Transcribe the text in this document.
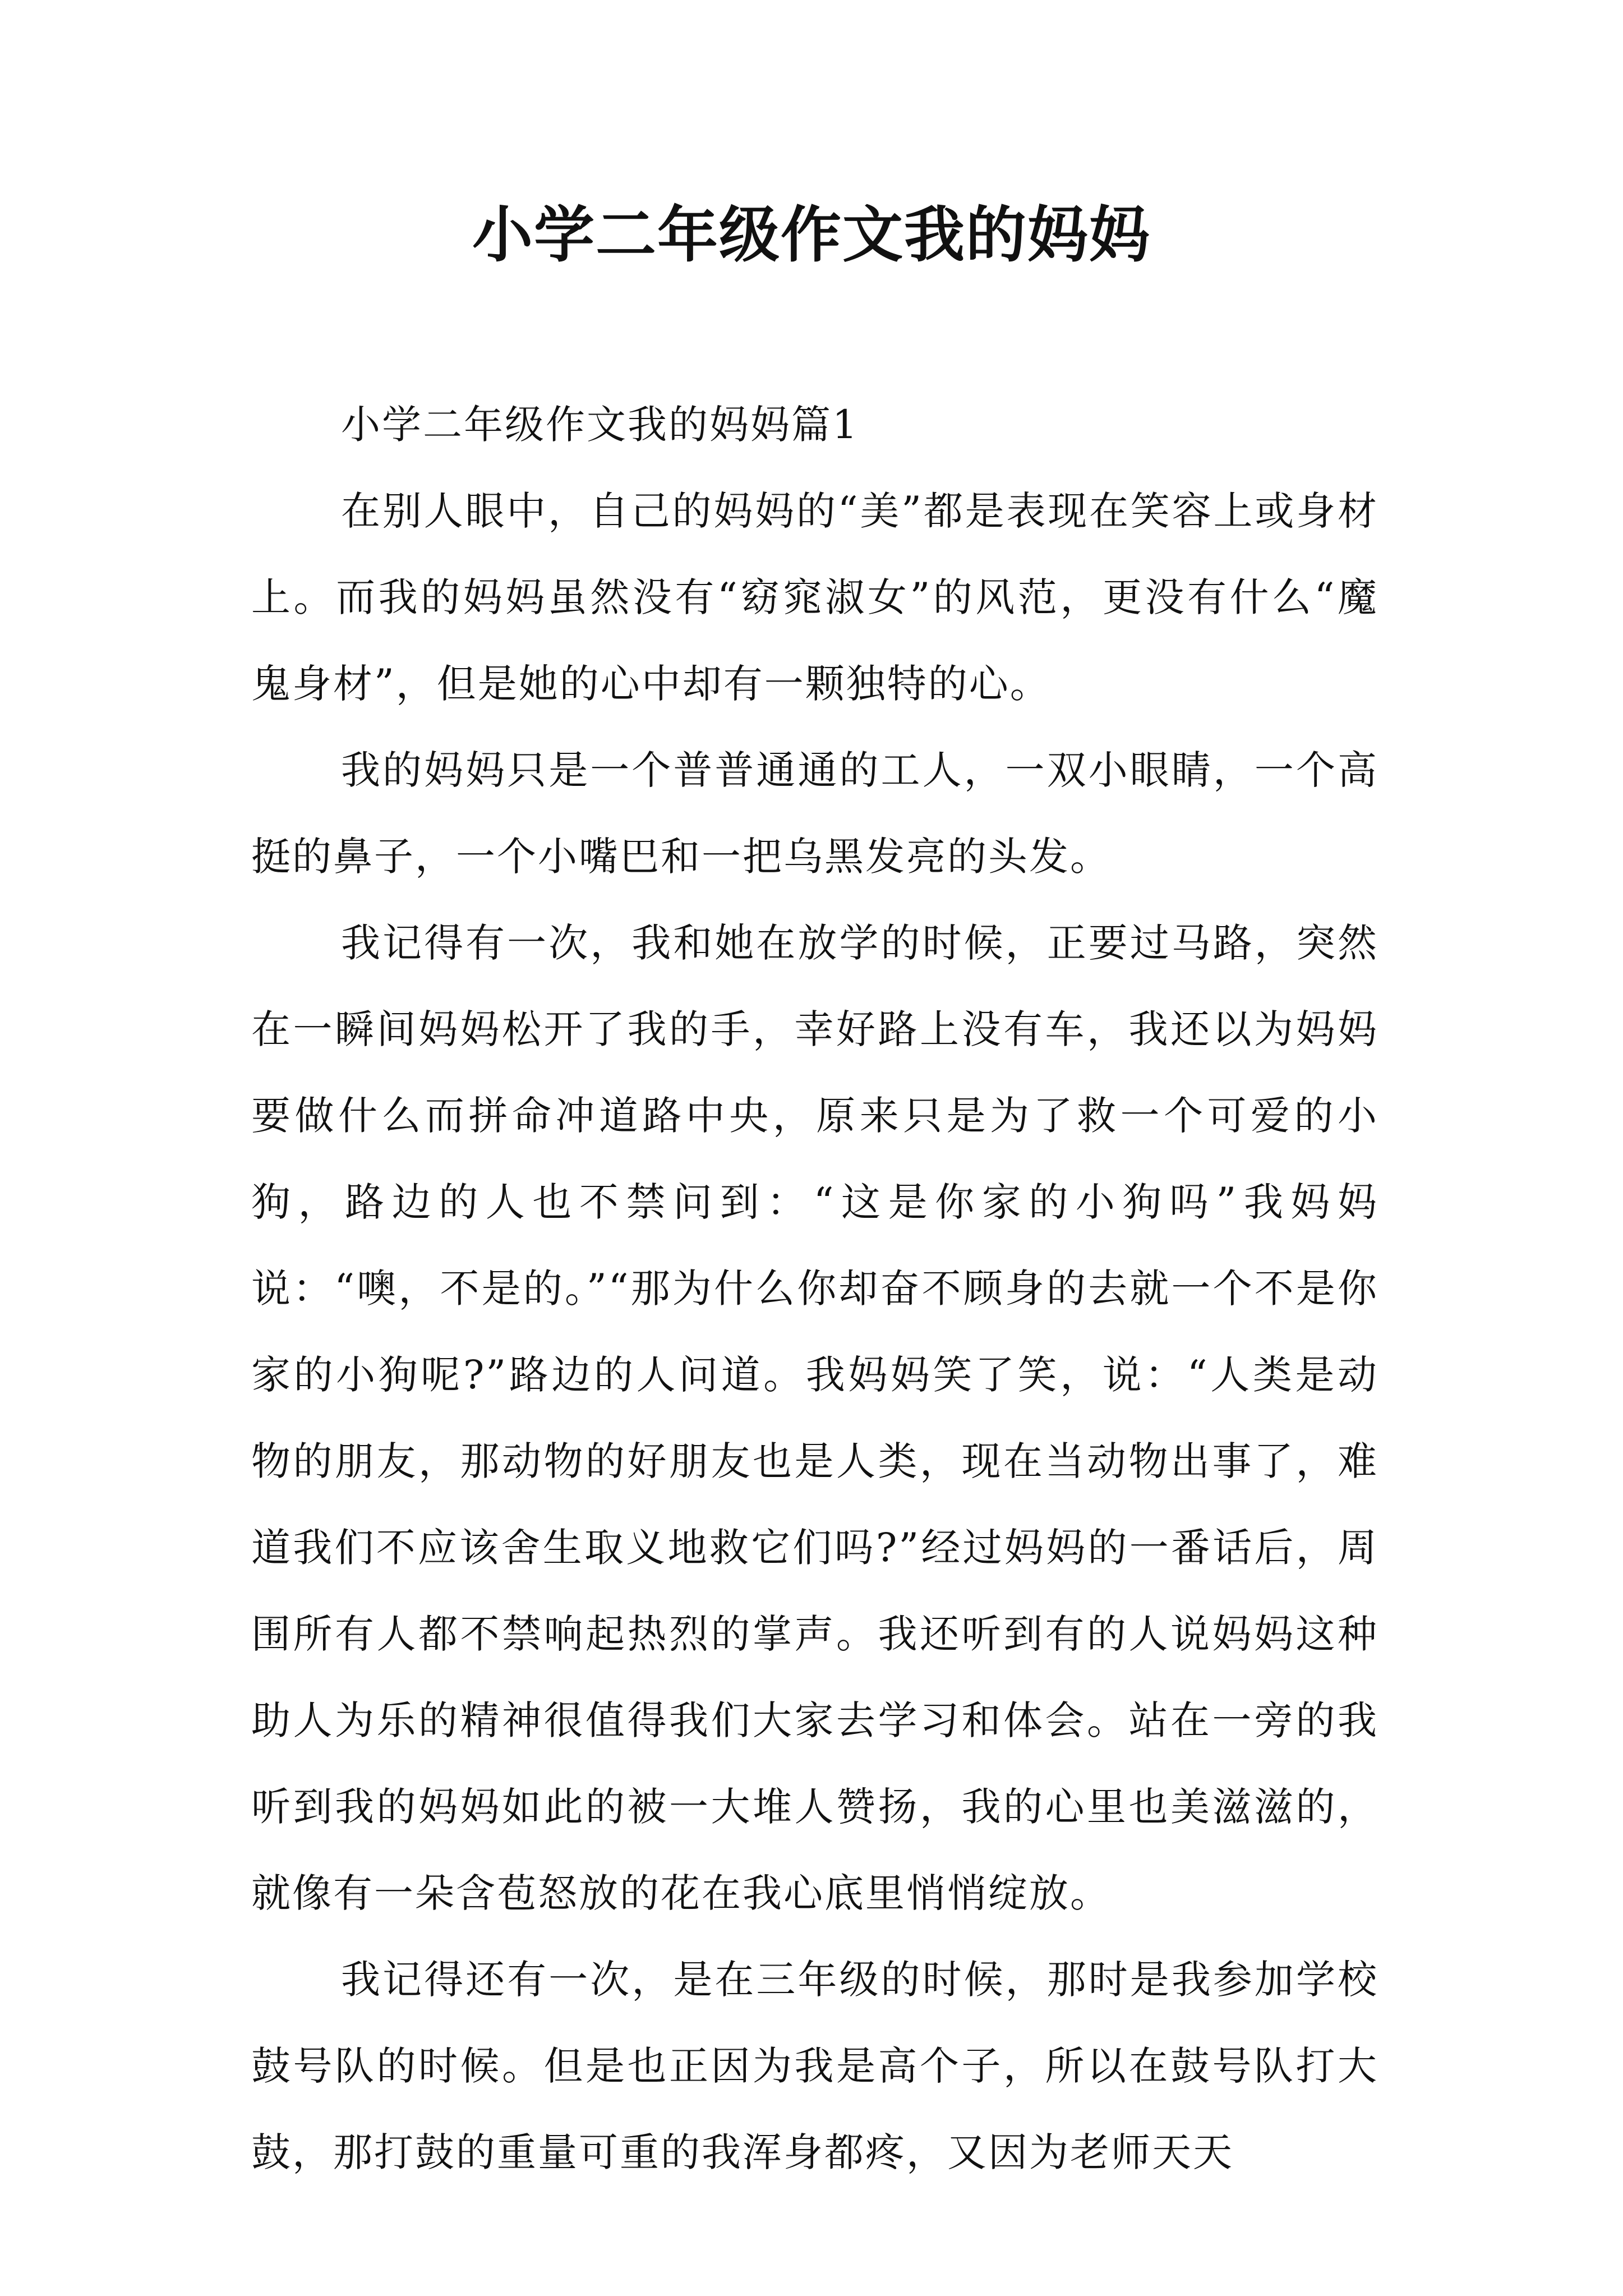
小学二年级作文我的妈妈

小学二年级作文我的妈妈篇1

在别人眼中，自己的妈妈的“美”都是表现在笑容上或身材上。而我的妈妈虽然没有“窈窕淑女”的风范，更没有什么“魔鬼身材”，但是她的心中却有一颗独特的心。

我的妈妈只是一个普普通通的工人，一双小眼睛，一个高挺的鼻子，一个小嘴巴和一把乌黑发亮的头发。

我记得有一次，我和她在放学的时候，正要过马路，突然在一瞬间妈妈松开了我的手，幸好路上没有车，我还以为妈妈要做什么而拼命冲道路中央，原来只是为了救一个可爱的小狗，路边的人也不禁问到：“这是你家的小狗吗”我妈妈说：“噢，不是的。”“那为什么你却奋不顾身的去就一个不是你家的小狗呢?”路边的人问道。我妈妈笑了笑，说：“人类是动物的朋友，那动物的好朋友也是人类，现在当动物出事了，难道我们不应该舍生取义地救它们吗?”经过妈妈的一番话后，周围所有人都不禁响起热烈的掌声。我还听到有的人说妈妈这种助人为乐的精神很值得我们大家去学习和体会。站在一旁的我听到我的妈妈如此的被一大堆人赞扬，我的心里也美滋滋的，就像有一朵含苞怒放的花在我心底里悄悄绽放。

我记得还有一次，是在三年级的时候，那时是我参加学校鼓号队的时候。但是也正因为我是高个子，所以在鼓号队打大鼓，那打鼓的重量可重的我浑身都疼，又因为老师天天
